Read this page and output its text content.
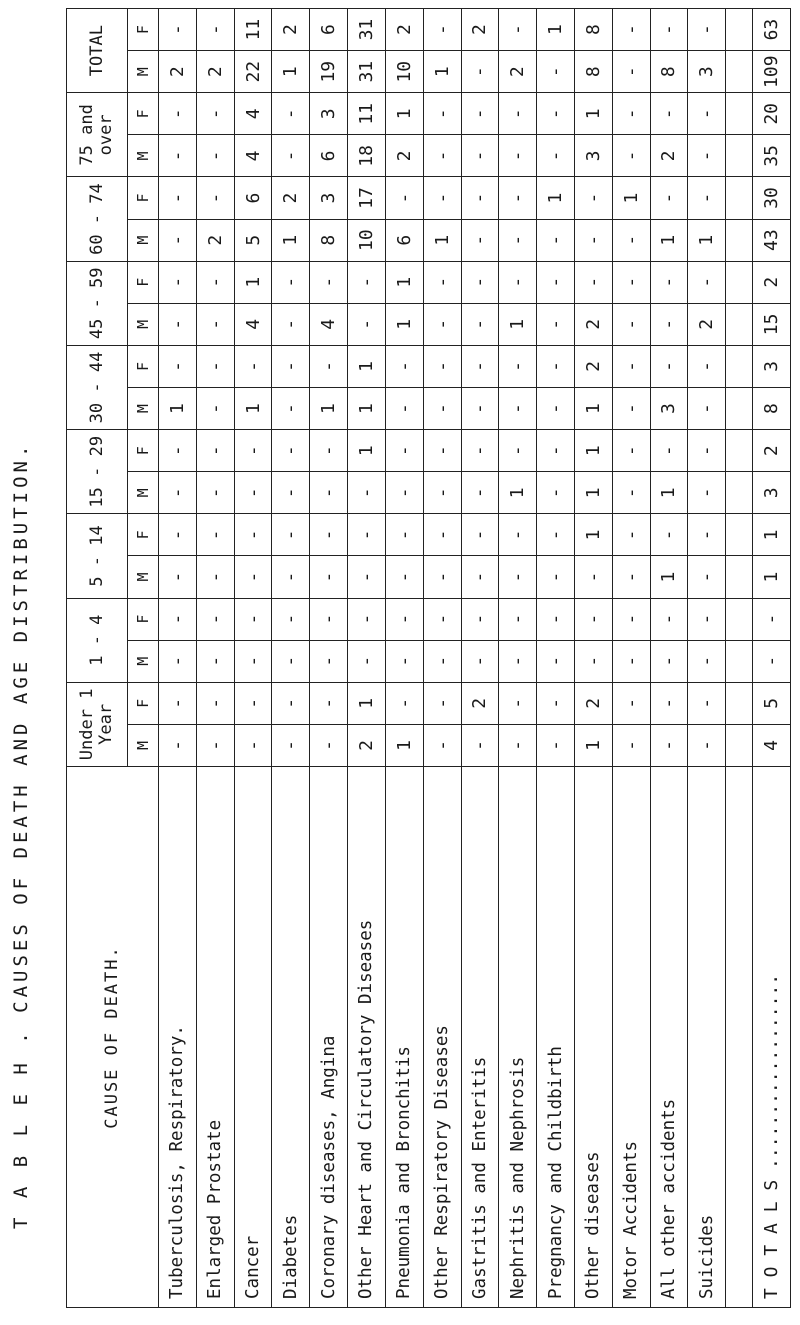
T A B L E H . CAUSES OF DEATH AND AGE DISTRIBUTION.	CAUSE OF DEATH.	Under 1 Year		1 - 4		5 - 14		15 - 29		30 - 44		45 - 59		60 - 74		75 and over		TOTAL	
	M	F	M	F	M	F	M	F	M	F	M	F	M	F	M	F	M	F
Tuberculosis, Respiratory.	-	-	-	-	-	-	-	-	1	-	-	-	-	-	-	-	2	-
Enlarged Prostate	-	-	-	-	-	-	-	-	-	-	-	-	2	-	-	-	2	-
Cancer	-	-	-	-	-	-	-	-	1	-	4	1	5	6	4	4	22	11
Diabetes	-	-	-	-	-	-	-	-	-	-	-	-	1	2	-	-	1	2
Coronary diseases, Angina	-	-	-	-	-	-	-	-	1	-	4	-	8	3	6	3	19	6
Other Heart and Circulatory Diseases	2	1	-	-	-	-	-	1	1	1	-	-	10	17	18	11	31	31
Pneumonia and Bronchitis	1	-	-	-	-	-	-	-	-	-	1	1	6	-	2	1	10	2
Other Respiratory Diseases	-	-	-	-	-	-	-	-	-	-	-	-	1	-	-	-	1	-
Gastritis and Enteritis	-	2	-	-	-	-	-	-	-	-	-	-	-	-	-	-	-	2
Nephritis and Nephrosis	-	-	-	-	-	-	1	-	-	-	1	-	-	-	-	-	2	-
Pregnancy and Childbirth	-	-	-	-	-	-	-	-	-	-	-	-	-	1	-	-	-	1
Other diseases	1	2	-	-	-	1	1	1	1	2	2	-	-	-	3	1	8	8
Motor Accidents	-	-	-	-	-	-	-	-	-	-	-	-	-	1	-	-	-	-
All other accidents	-	-	-	-	1	-	1	-	3	-	-	-	1	-	2	-	8	-
Suicides	-	-	-	-	-	-	-	-	-	-	2	-	1	-	-	-	3	-

T O T A L S ..................	4	5	-	-	1	1	3	2	8	3	15	2	43	30	35	20	109	63
